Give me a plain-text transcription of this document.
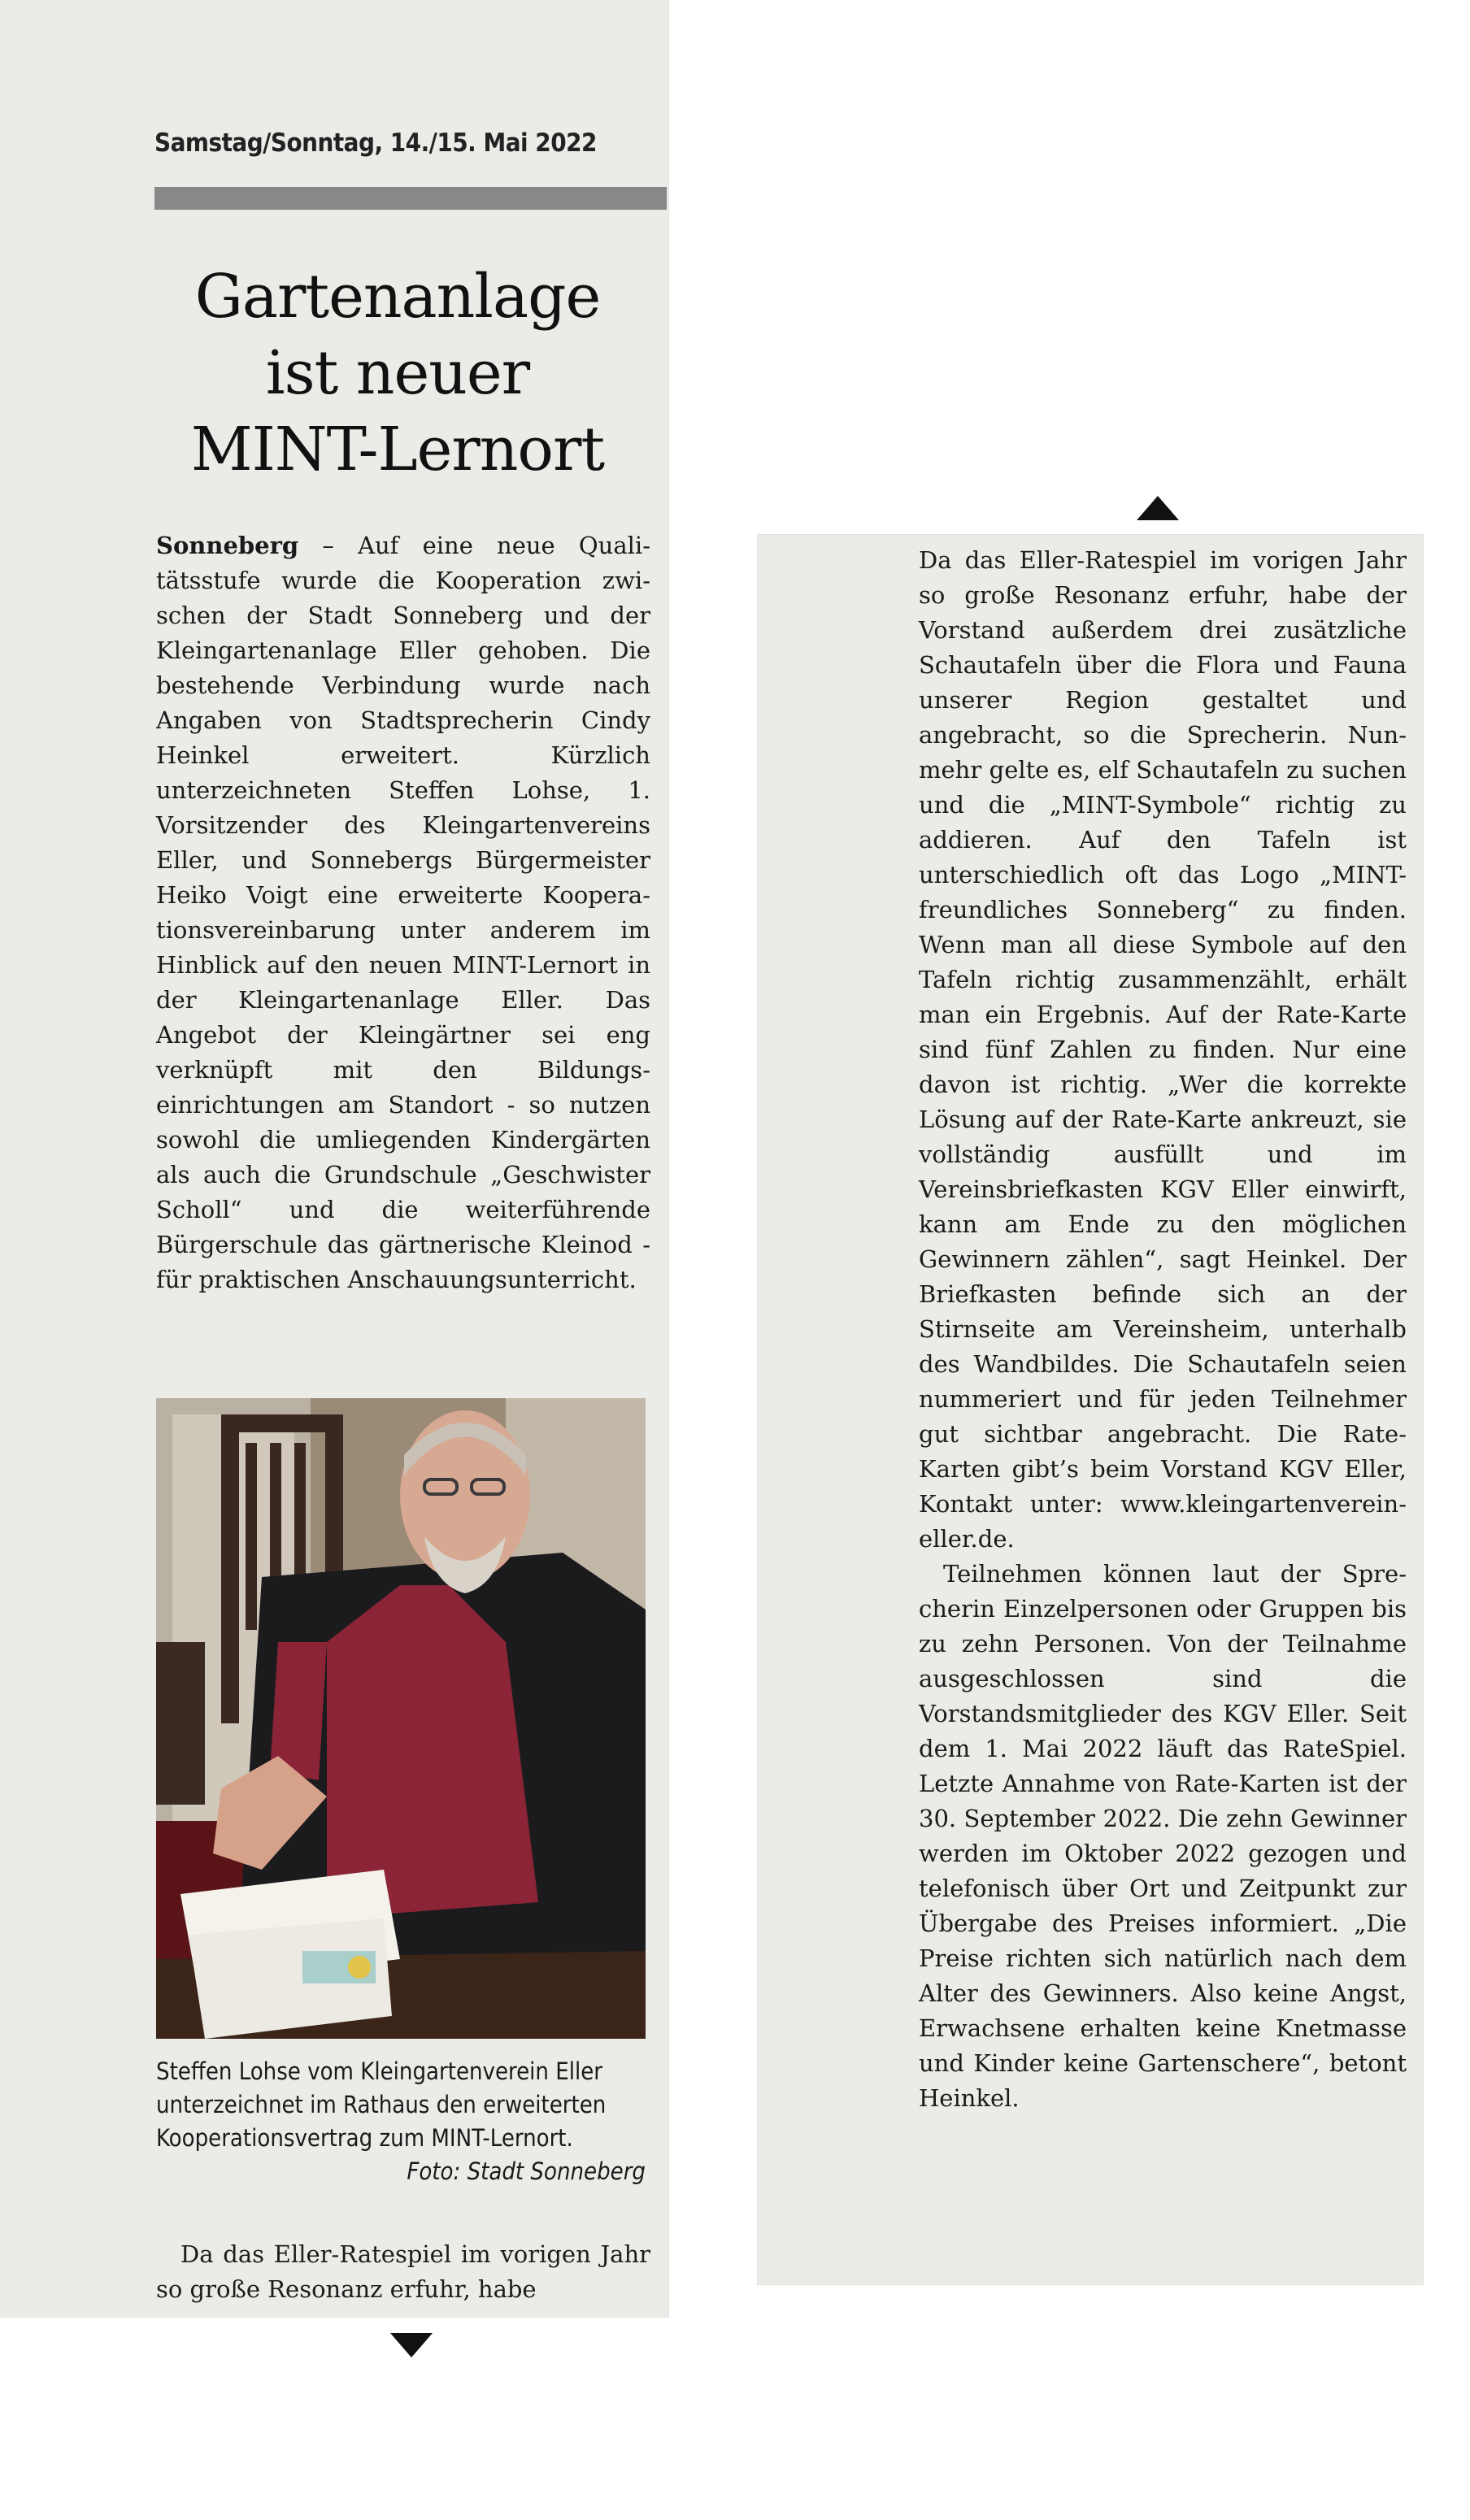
Samstag/Sonntag, 14./15. Mai 2022
Gartenanlage
ist neuer
MINT-Lernort

Sonneberg – Auf eine neue Qualitätsstufe wurde die Kooperation zwischen der Stadt Sonneberg und der Kleingartenanlage Eller gehoben. Die bestehende Verbindung wurde nach Angaben von Stadtsprecherin Cindy Heinkel erweitert. Kürzlich unterzeichneten Steffen Lohse, 1. Vorsitzender des Kleingartenvereins Eller, und Sonnebergs Bürgermeister Heiko Voigt eine erweiterte Kooperationsvereinbarung unter anderem im Hinblick auf den neuen MINT-Lernort in der Kleingartenanlage Eller. Das Angebot der Kleingärtner sei eng verknüpft mit den Bildungseinrichtungen am Standort - so nutzen sowohl die umliegenden Kindergärten als auch die Grundschule „Geschwister Scholl“ und die weiterführende Bürgerschule das gärtnerische Kleinod - für praktischen Anschauungsunterricht.

Steffen Lohse vom Kleingartenverein Eller unterzeichnet im Rathaus den erweiterten Kooperationsvertrag zum MINT-Lernort.
Foto: Stadt Sonneberg
Da das Eller-Ratespiel im vorigen Jahr so große Resonanz erfuhr, habe

Da das Eller-Ratespiel im vorigen Jahr so große Resonanz erfuhr, habe der Vorstand außerdem drei zusätzliche Schautafeln über die Flora und Fauna unserer Region gestaltet und angebracht, so die Sprecherin. Nunmehr gelte es, elf Schautafeln zu suchen und die „MINT-Symbole“ richtig zu addieren. Auf den Tafeln ist unterschiedlich oft das Logo „MINT-freundliches Sonneberg“ zu finden. Wenn man all diese Symbole auf den Tafeln richtig zusammenzählt, erhält man ein Ergebnis. Auf der Rate-Karte sind fünf Zahlen zu finden. Nur eine davon ist richtig. „Wer die korrekte Lösung auf der Rate-Karte ankreuzt, sie vollständig ausfüllt und im Vereinsbriefkasten KGV Eller einwirft, kann am Ende zu den möglichen Gewinnern zählen“, sagt Heinkel. Der Briefkasten befinde sich an der Stirnseite am Vereinsheim, unterhalb des Wandbildes. Die Schautafeln seien nummeriert und für jeden Teilnehmer gut sichtbar angebracht. Die Rate-Karten gibt’s beim Vorstand KGV Eller, Kontakt unter: www.kleingartenverein-eller.de.

Teilnehmen können laut der Sprecherin Einzelpersonen oder Gruppen bis zu zehn Personen. Von der Teilnahme ausgeschlossen sind die Vorstandsmitglieder des KGV Eller. Seit dem 1. Mai 2022 läuft das RateSpiel. Letzte Annahme von Rate-Karten ist der 30. September 2022. Die zehn Gewinner werden im Oktober 2022 gezogen und telefonisch über Ort und Zeitpunkt zur Übergabe des Preises informiert. „Die Preise richten sich natürlich nach dem Alter des Gewinners. Also keine Angst, Erwachsene erhalten keine Knetmasse und Kinder keine Gartenschere“, betont Heinkel.
